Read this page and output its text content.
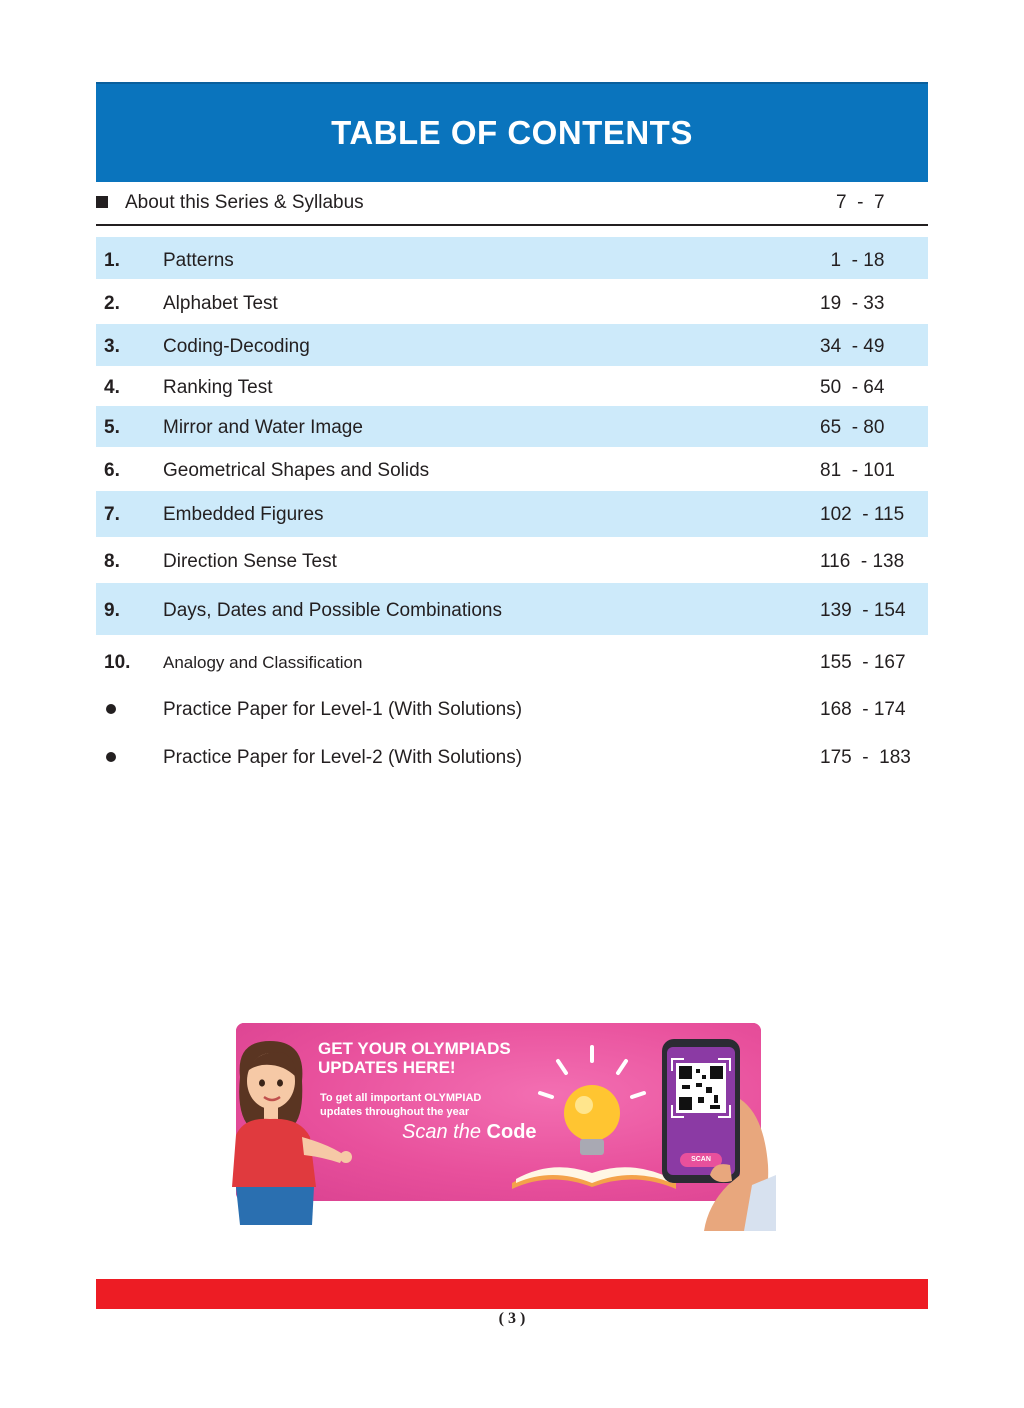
TABLE OF CONTENTS
About this Series & Syllabus	7  -  7
1. Patterns	1  - 18
2. Alphabet Test	19  - 33
3. Coding-Decoding	34  - 49
4. Ranking Test	50  - 64
5. Mirror and Water Image	65  - 80
6. Geometrical Shapes and Solids	81  - 101
7. Embedded Figures	102  - 115
8. Direction Sense Test	116  - 138
9. Days, Dates and Possible Combinations	139  - 154
10. Analogy and Classification	155  - 167
Practice Paper for Level-1 (With Solutions)	168  - 174
Practice Paper for Level-2 (With Solutions)	175  -  183
GET YOUR OLYMPIADS
UPDATES HERE!
To get all important OLYMPIAD
updates throughout the year
Scan the Code
SCAN
( 3 )
